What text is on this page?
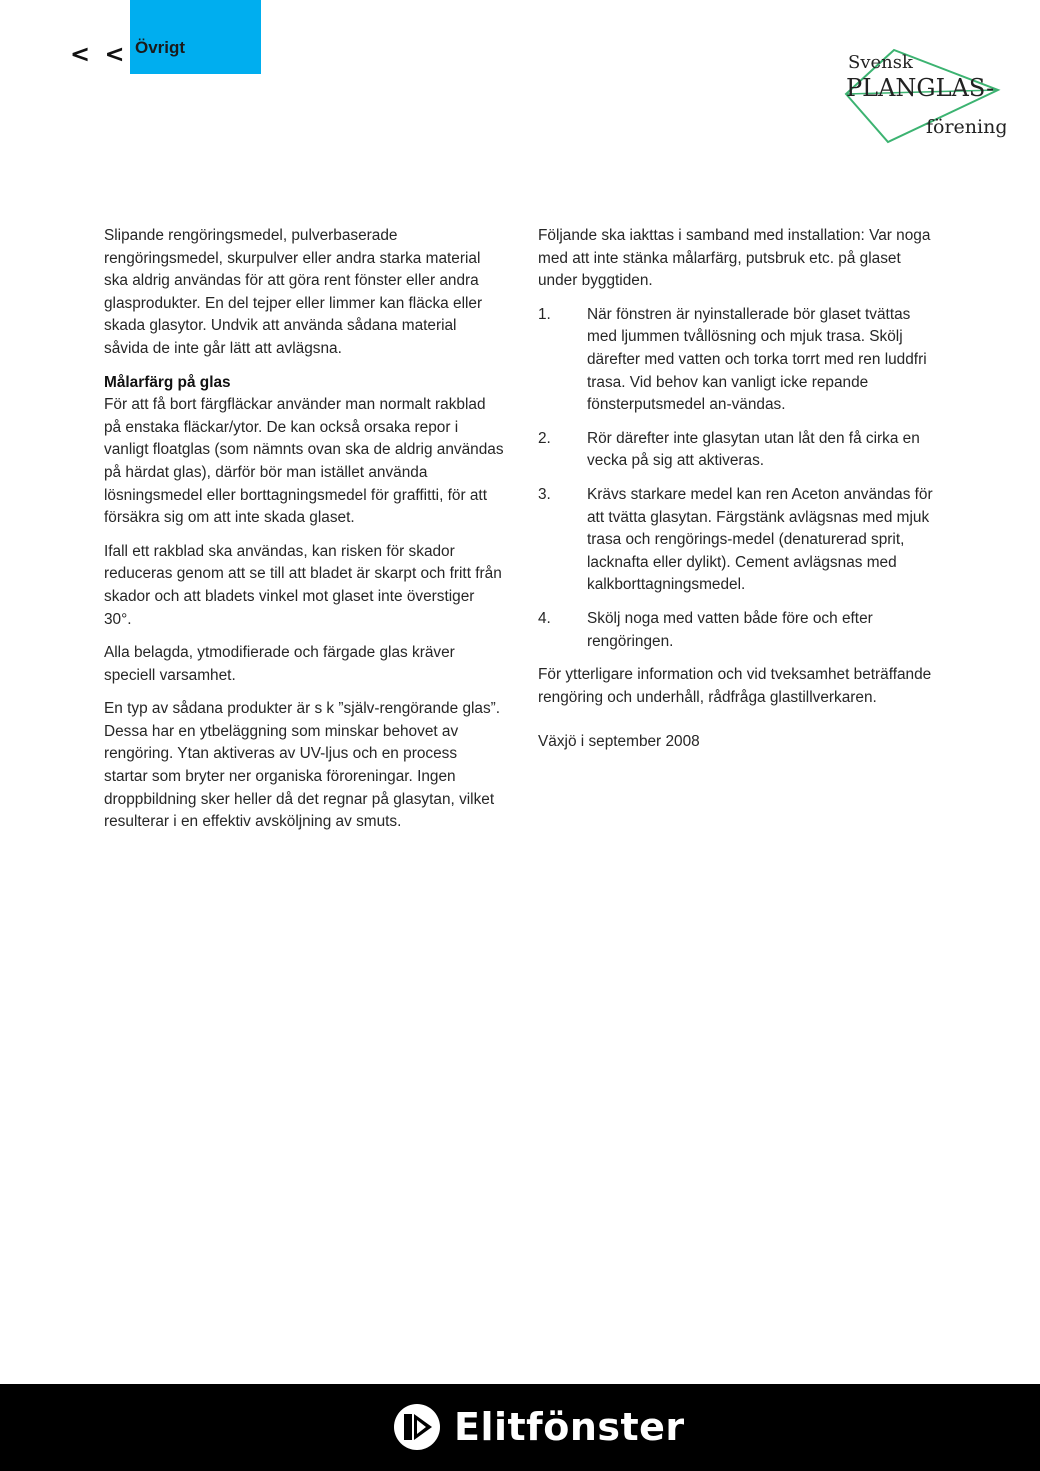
< < Övrigt
Svensk
PLANGLAS-
förening

Slipande rengöringsmedel, pulverbaserade rengöringsmedel, skurpulver eller andra starka material ska aldrig användas för att göra rent fönster eller andra glasprodukter. En del tejper eller limmer kan fläcka eller skada glasytor. Undvik att använda sådana material såvida de inte går lätt att avlägsna.

Målarfärg på glas

För att få bort färgfläckar använder man normalt rakblad på enstaka fläckar/ytor. De kan också orsaka repor i vanligt floatglas (som nämnts ovan ska de aldrig användas på härdat glas), därför bör man istället använda lösningsmedel eller borttagningsmedel för graffitti, för att försäkra sig om att inte skada glaset.

Ifall ett rakblad ska användas, kan risken för skador reduceras genom att se till att bladet är skarpt och fritt från skador och att bladets vinkel mot glaset inte överstiger 30°.

Alla belagda, ytmodifierade och färgade glas kräver speciell varsamhet.

En typ av sådana produkter är s k ”själv-rengörande glas”. Dessa har en ytbeläggning som minskar behovet av rengöring. Ytan aktiveras av UV-ljus och en process startar som bryter ner organiska föroreningar. Ingen droppbildning sker heller då det regnar på glasytan, vilket resulterar i en effektiv avsköljning av smuts.

Följande ska iakttas i samband med installation: Var noga med att inte stänka målarfärg, putsbruk etc. på glaset under byggtiden.

1. När fönstren är nyinstallerade bör glaset tvättas med ljummen tvållösning och mjuk trasa. Skölj därefter med vatten och torka torrt med ren luddfri trasa. Vid behov kan vanligt icke repande fönsterputsmedel an-vändas.
2. Rör därefter inte glasytan utan låt den få cirka en vecka på sig att aktiveras.
3. Krävs starkare medel kan ren Aceton användas för att tvätta glasytan. Färgstänk avlägsnas med mjuk trasa och rengörings-medel (denaturerad sprit, lacknafta eller dylikt). Cement avlägsnas med kalkborttagningsmedel.
4. Skölj noga med vatten både före och efter rengöringen.

För ytterligare information och vid tveksamhet beträffande rengöring och underhåll, rådfråga glastillverkaren.

Växjö i september 2008

Elitfönster
